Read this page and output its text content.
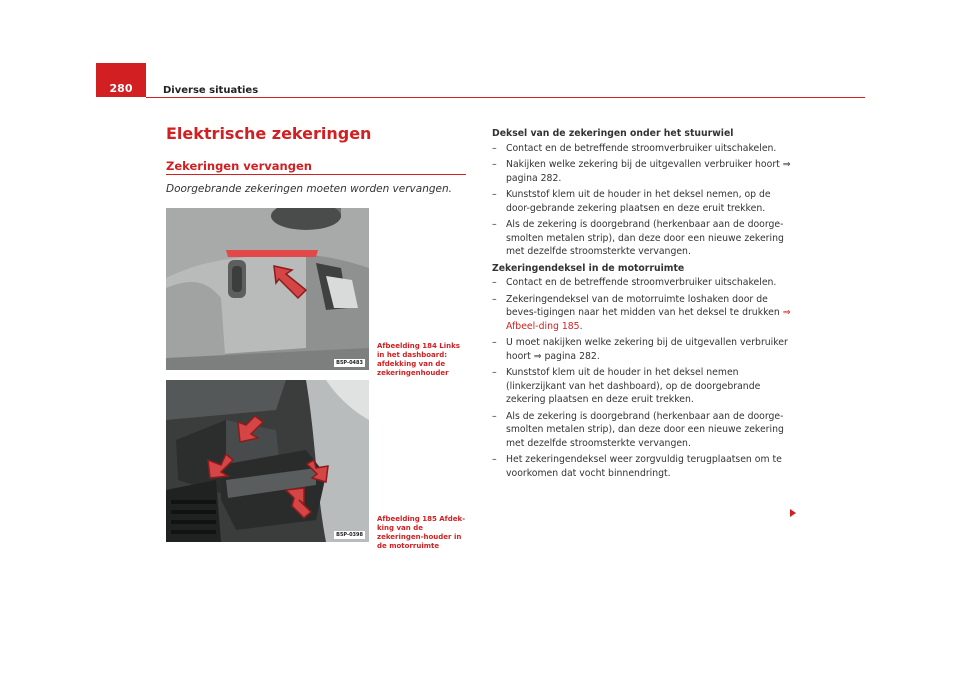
280	Diverse situaties
Elektrische zekeringen
Zekeringen vervangen
Doorgebrande zekeringen moeten worden vervangen.
B5P-0483
Afbeelding 184 Links in het dashboard: afdekking van de zekeringenhouder
B5P-0398
Afbeelding 185 Afdek-king van de zekeringen-houder in de motorruimte
Deksel van de zekeringen onder het stuurwiel
– Contact en de betreffende stroomverbruiker uitschakelen.
– Nakijken welke zekering bij de uitgevallen verbruiker hoort ⇒ pagina 282.
– Kunststof klem uit de houder in het deksel nemen, op de door-gebrande zekering plaatsen en deze eruit trekken.
– Als de zekering is doorgebrand (herkenbaar aan de doorge-smolten metalen strip), dan deze door een nieuwe zekering met dezelfde stroomsterkte vervangen.
Zekeringendeksel in de motorruimte
– Contact en de betreffende stroomverbruiker uitschakelen.
– Zekeringendeksel van de motorruimte loshaken door de beves-tigingen naar het midden van het deksel te drukken ⇒ Afbeel-ding 185.
– U moet nakijken welke zekering bij de uitgevallen verbruiker hoort ⇒ pagina 282.
– Kunststof klem uit de houder in het deksel nemen (linkerzijkant van het dashboard), op de doorgebrande zekering plaatsen en deze eruit trekken.
– Als de zekering is doorgebrand (herkenbaar aan de doorge-smolten metalen strip), dan deze door een nieuwe zekering met dezelfde stroomsterkte vervangen.
– Het zekeringendeksel weer zorgvuldig terugplaatsen om te voorkomen dat vocht binnendringt.
